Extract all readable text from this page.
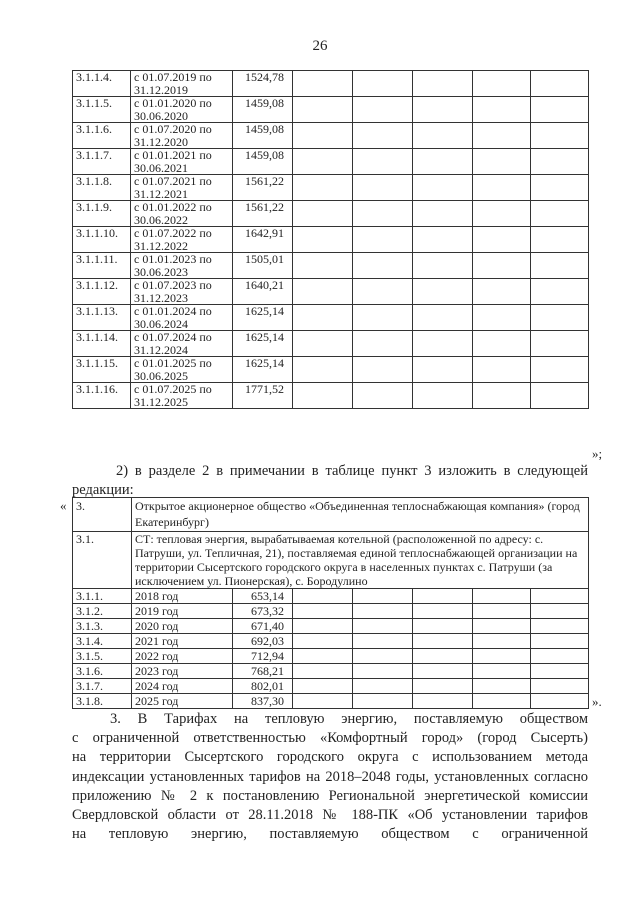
26
3.1.1.4.	с 01.07.2019 по 31.12.2019	1524,78					
3.1.1.5.	с 01.01.2020 по 30.06.2020	1459,08					
3.1.1.6.	с 01.07.2020 по 31.12.2020	1459,08					
3.1.1.7.	с 01.01.2021 по 30.06.2021	1459,08					
3.1.1.8.	с 01.07.2021 по 31.12.2021	1561,22					
3.1.1.9.	с 01.01.2022 по 30.06.2022	1561,22					
3.1.1.10.	с 01.07.2022 по 31.12.2022	1642,91					
3.1.1.11.	с 01.01.2023 по 30.06.2023	1505,01					
3.1.1.12.	с 01.07.2023 по 31.12.2023	1640,21					
3.1.1.13.	с 01.01.2024 по 30.06.2024	1625,14					
3.1.1.14.	с 01.07.2024 по 31.12.2024	1625,14					
3.1.1.15.	с 01.01.2025 по 30.06.2025	1625,14					
3.1.1.16.	с 01.07.2025 по 31.12.2025	1771,52					
»;
2) в разделе 2 в примечании в таблице пункт 3 изложить в следующей
редакции:
« 3.	Открытое акционерное общество «Объединенная теплоснабжающая компания» (город Екатеринбург)						
3.1.	СТ: тепловая энергия, вырабатываемая котельной (расположенной по адресу: с. Патруши, ул. Тепличная, 21), поставляемая единой теплоснабжающей организации на территории Сысертского городского округа в населенных пунктах с. Патруши (за исключением ул. Пионерская), с. Бородулино						
3.1.1.	2018 год	653,14					
3.1.2.	2019 год	673,32					
3.1.3.	2020 год	671,40					
3.1.4.	2021 год	692,03					
3.1.5.	2022 год	712,94					
3.1.6.	2023 год	768,21					
3.1.7.	2024 год	802,01					
3.1.8.	2025 год	837,30						».
3. В Тарифах на тепловую энергию, поставляемую обществом
с ограниченной ответственностью «Комфортный город» (город Сысерть)
на территории Сысертского городского округа с использованием метода
индексации установленных тарифов на 2018–2048 годы, установленных согласно
приложению № 2 к постановлению Региональной энергетической комиссии
Свердловской области от 28.11.2018 № 188-ПК «Об установлении тарифов
на тепловую энергию, поставляемую обществом с ограниченной
